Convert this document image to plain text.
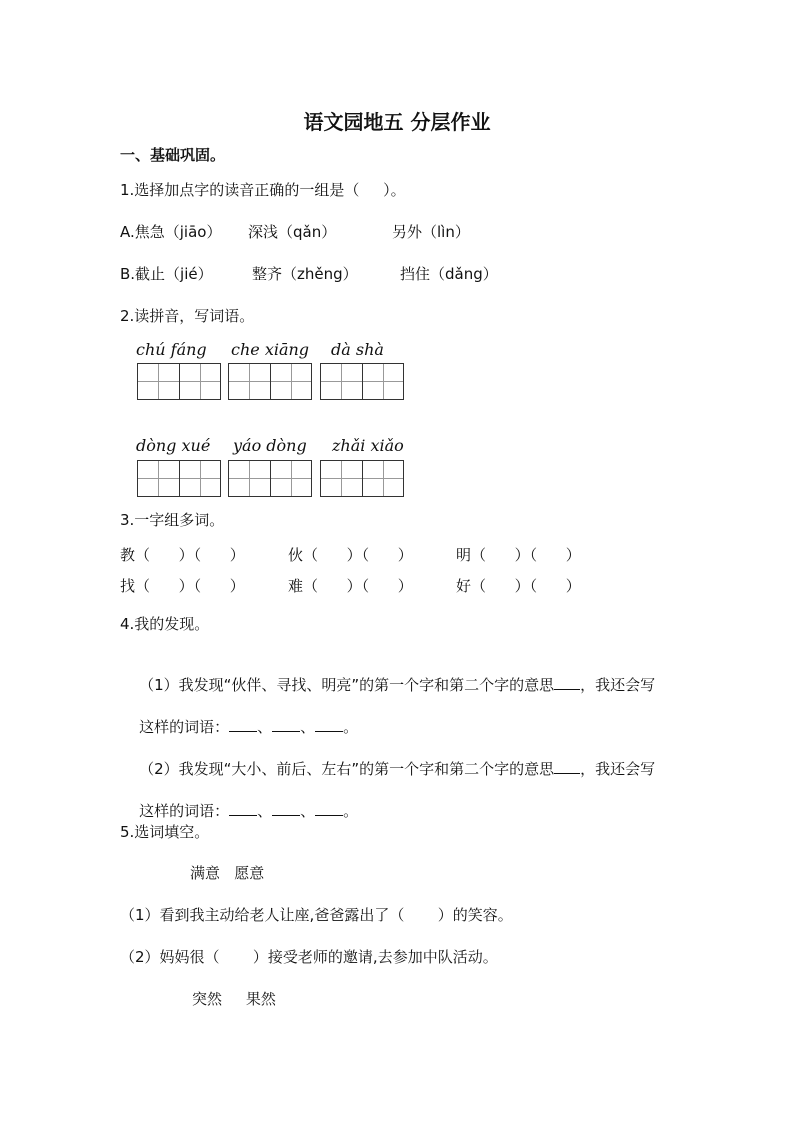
语文园地五 分层作业
一、基础巩固。
1.选择加点字的读音正确的一组是（     ）。
A.焦急（jiāo） 深浅（qǎn）	另外（lìn）
B.截止（jié）	整齐（zhěng）	挡住（dǎng）
2.读拼音，写词语。
chú fáng che xiāng dà shà
dòng xué yáo dòng zhǎi xiǎo
3.一字组多词。
教（      ）（      ）	伙（      ）（      ）	明（      ）（      ）
找（      ）（      ）	难（      ）（      ）	好（      ）（      ）
4.我的发现。

（1）我发现“伙伴、寻找、明亮”的第一个字和第二个字的意思 ，我还会写

这样的词语： 、 、 。

（2）我发现“大小、前后、左右”的第一个字和第二个字的意思 ，我还会写

这样的词语： 、 、 。

5.选词填空。
满意   愿意
（1）看到我主动给老人让座,爸爸露出了（       ）的笑容。
（2）妈妈很（       ）接受老师的邀请,去参加中队活动。
突然     果然
